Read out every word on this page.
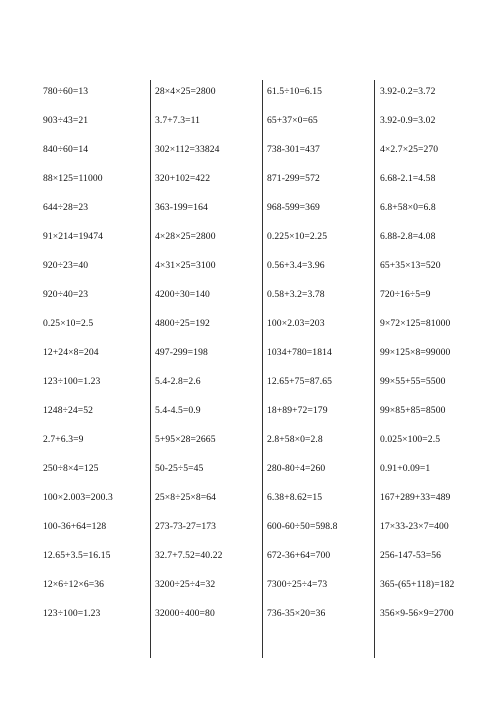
780÷60=13
903÷43=21
840÷60=14
88×125=11000
644÷28=23
91×214=19474
920÷23=40
920÷40=23
0.25×10=2.5
12+24×8=204
123÷100=1.23
1248÷24=52
2.7+6.3=9
250÷8×4=125
100×2.003=200.3
100-36+64=128
12.65+3.5=16.15
12×6÷12×6=36
123÷100=1.23
28×4×25=2800
3.7+7.3=11
302×112=33824
320+102=422
363-199=164
4×28×25=2800
4×31×25=3100
4200÷30=140
4800÷25=192
497-299=198
5.4-2.8=2.6
5.4-4.5=0.9
5+95×28=2665
50-25÷5=45
25×8÷25×8=64
273-73-27=173
32.7+7.52=40.22
3200÷25÷4=32
32000÷400=80
61.5÷10=6.15
65+37×0=65
738-301=437
871-299=572
968-599=369
0.225×10=2.25
0.56+3.4=3.96
0.58+3.2=3.78
100×2.03=203
1034+780=1814
12.65+75=87.65
18+89+72=179
2.8+58×0=2.8
280-80÷4=260
6.38+8.62=15
600-60÷50=598.8
672-36+64=700
7300÷25÷4=73
736-35×20=36
3.92-0.2=3.72
3.92-0.9=3.02
4×2.7×25=270
6.68-2.1=4.58
6.8+58×0=6.8
6.88-2.8=4.08
65+35×13=520
720÷16÷5=9
9×72×125=81000
99×125×8=99000
99×55+55=5500
99×85+85=8500
0.025×100=2.5
0.91+0.09=1
167+289+33=489
17×33-23×7=400
256-147-53=56
365-(65+118)=182
356×9-56×9=2700
